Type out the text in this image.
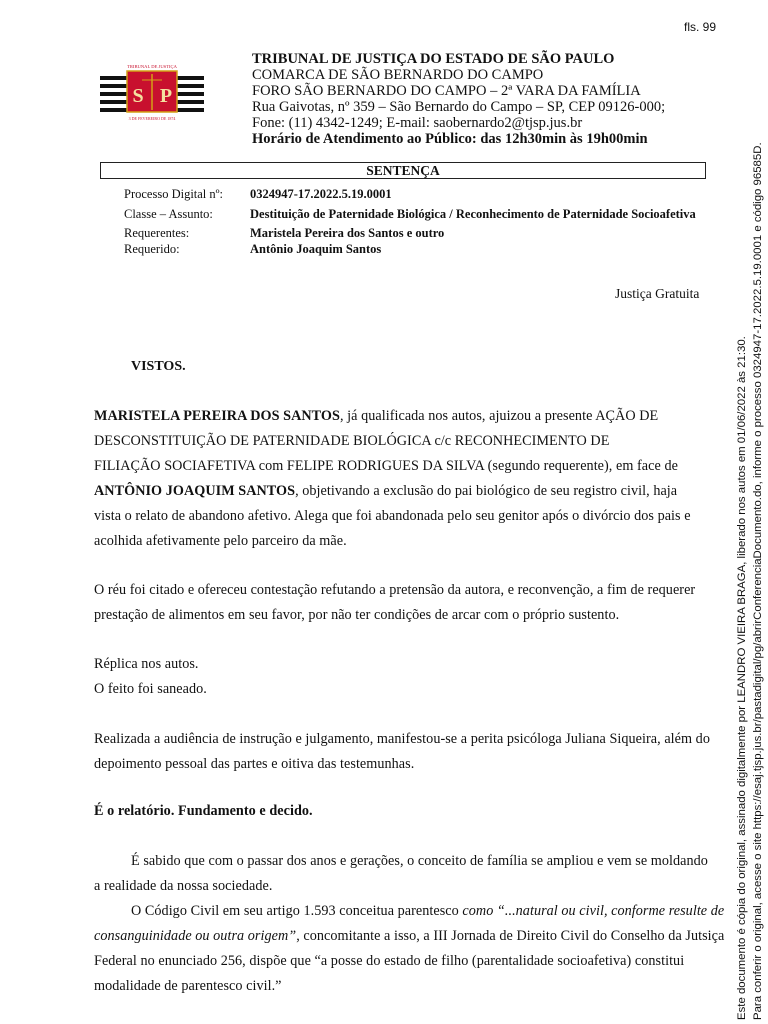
fls. 99
S P
TRIBUNAL DE JUSTIÇA
3 DE FEVEREIRO DE 1874
TRIBUNAL DE JUSTIÇA DO ESTADO DE SÃO PAULO
COMARCA DE SÃO BERNARDO DO CAMPO
FORO SÃO BERNARDO DO CAMPO – 2ª VARA DA FAMÍLIA
Rua Gaivotas, nº 359 – São Bernardo do Campo – SP, CEP 09126-000;
Fone: (11) 4342-1249; E-mail: saobernardo2@tjsp.jus.br
Horário de Atendimento ao Público: das 12h30min às 19h00min
SENTENÇA
Processo Digital nº: 0324947-17.2022.5.19.0001
Classe – Assunto:	Destituição de Paternidade Biológica / Reconhecimento de Paternidade Socioafetiva
Requerentes:	Maristela Pereira dos Santos e outro
Requerido:	Antônio Joaquim Santos
Justiça Gratuita
VISTOS.
MARISTELA PEREIRA DOS SANTOS, já qualificada nos autos, ajuizou a presente AÇÃO DE
DESCONSTITUIÇÃO DE PATERNIDADE BIOLÓGICA c/c RECONHECIMENTO DE
FILIAÇÃO SOCIAFETIVA com FELIPE RODRIGUES DA SILVA (segundo requerente), em face de
ANTÔNIO JOAQUIM SANTOS, objetivando a exclusão do pai biológico de seu registro civil, haja
vista o relato de abandono afetivo. Alega que foi abandonada pelo seu genitor após o divórcio dos pais e
acolhida afetivamente pelo parceiro da mãe.
O réu foi citado e ofereceu contestação refutando a pretensão da autora, e reconvenção, a fim de requerer
prestação de alimentos em seu favor, por não ter condições de arcar com o próprio sustento.
Réplica nos autos.
O feito foi saneado.
Realizada a audiência de instrução e julgamento, manifestou-se a perita psicóloga Juliana Siqueira, além do
depoimento pessoal das partes e oitiva das testemunhas.
É o relatório. Fundamento e decido.
É sabido que com o passar dos anos e gerações, o conceito de família se ampliou e vem se moldando
a realidade da nossa sociedade.
O Código Civil em seu artigo 1.593 conceitua parentesco como “...natural ou civil, conforme resulte de
consanguinidade ou outra origem”, concomitante a isso, a III Jornada de Direito Civil do Conselho da Jutsiça
Federal no enunciado 256, dispõe que “a posse do estado de filho (parentalidade socioafetiva) constitui
modalidade de parentesco civil.”	Este documento é cópia do original, assinado digitalmente por LEANDRO VIEIRA BRAGA, liberado nos autos em 01/06/2022 às 21:30. Para conferir o original, acesse o site https://esaj.tjsp.jus.br/pastadigital/pg/abrirConferenciaDocumento.do, informe o processo 0324947-17.2022.5.19.0001 e código 96585D.
